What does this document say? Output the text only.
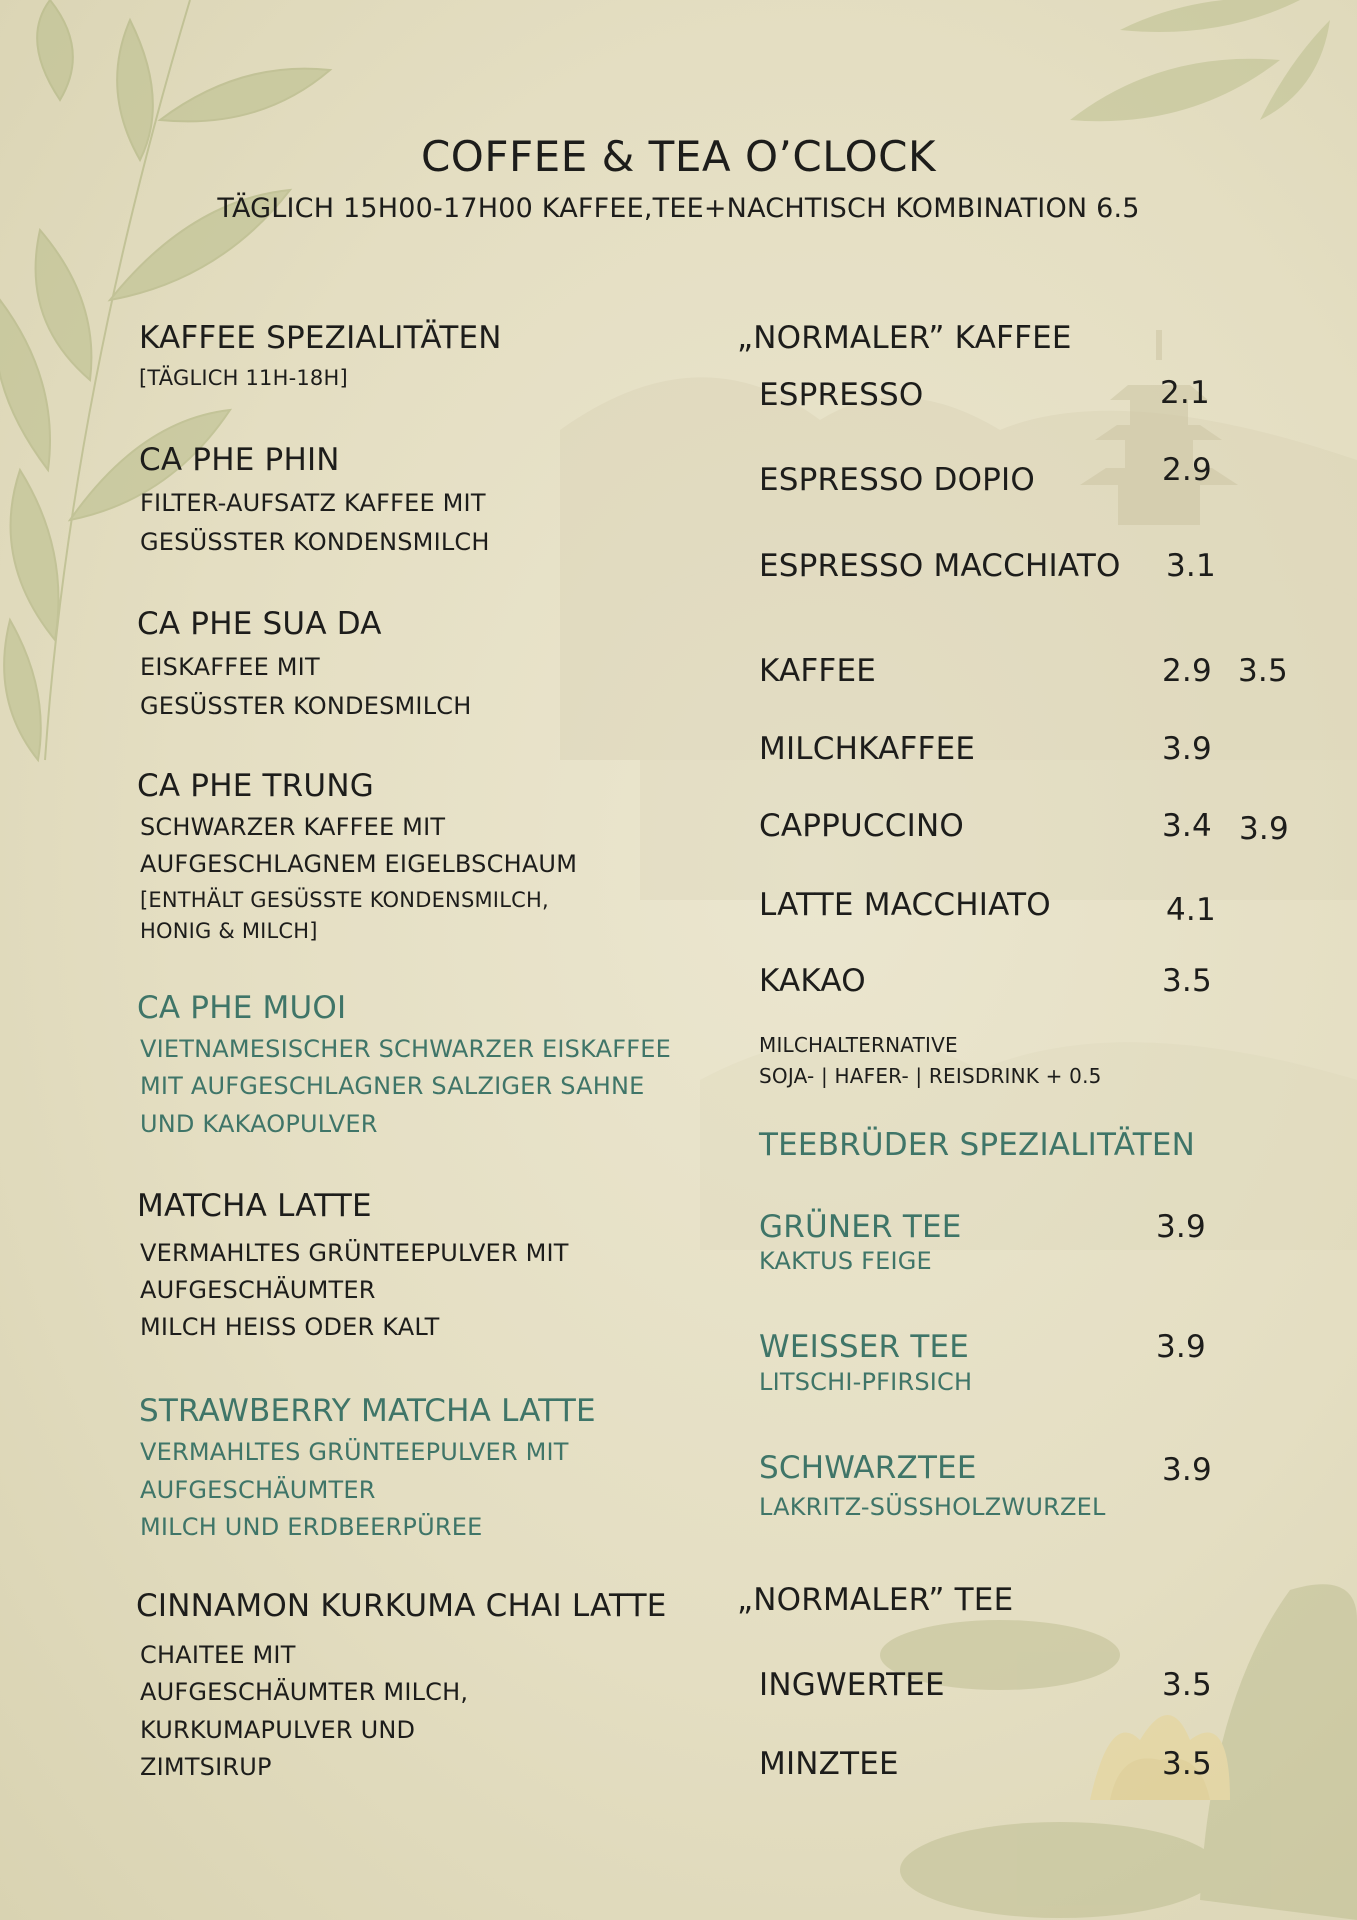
COFFEE & TEA O’CLOCK
TÄGLICH 15H00-17H00 KAFFEE,TEE+NACHTISCH KOMBINATION 6.5
KAFFEE SPEZIALITÄTEN
[TÄGLICH 11H-18H]
CA PHE PHIN
FILTER-AUFSATZ KAFFEE MIT
GESÜSSTER KONDENSMILCH
CA PHE SUA DA
EISKAFFEE MIT
GESÜSSTER KONDESMILCH
CA PHE TRUNG
SCHWARZER KAFFEE MIT
AUFGESCHLAGNEM EIGELBSCHAUM
[ENTHÄLT GESÜSSTE KONDENSMILCH,
HONIG & MILCH]
CA PHE MUOI
VIETNAMESISCHER SCHWARZER EISKAFFEE
MIT AUFGESCHLAGNER SALZIGER SAHNE
UND KAKAOPULVER
MATCHA LATTE
VERMAHLTES GRÜNTEEPULVER MIT
AUFGESCHÄUMTER
MILCH HEISS ODER KALT
STRAWBERRY MATCHA LATTE
VERMAHLTES GRÜNTEEPULVER MIT
AUFGESCHÄUMTER
MILCH UND ERDBEERPÜREE
CINNAMON KURKUMA CHAI LATTE
CHAITEE MIT
AUFGESCHÄUMTER MILCH,
KURKUMAPULVER UND
ZIMTSIRUP
„NORMALER” KAFFEE
ESPRESSO	2.1
ESPRESSO DOPIO	2.9
ESPRESSO MACCHIATO 3.1
KAFFEE	2.9 3.5
MILCHKAFFEE	3.9
CAPPUCCINO	3.4 3.9
LATTE MACCHIATO	4.1
KAKAO	3.5
MILCHALTERNATIVE
SOJA- | HAFER- | REISDRINK + 0.5
TEEBRÜDER SPEZIALITÄTEN
GRÜNER TEE
KAKTUS FEIGE
3.9
WEISSER TEE
LITSCHI-PFIRSICH
3.9
SCHWARZTEE
LAKRITZ-SÜSSHOLZWURZEL
3.9
„NORMALER” TEE
INGWERTEE	3.5
MINZTEE	3.5
